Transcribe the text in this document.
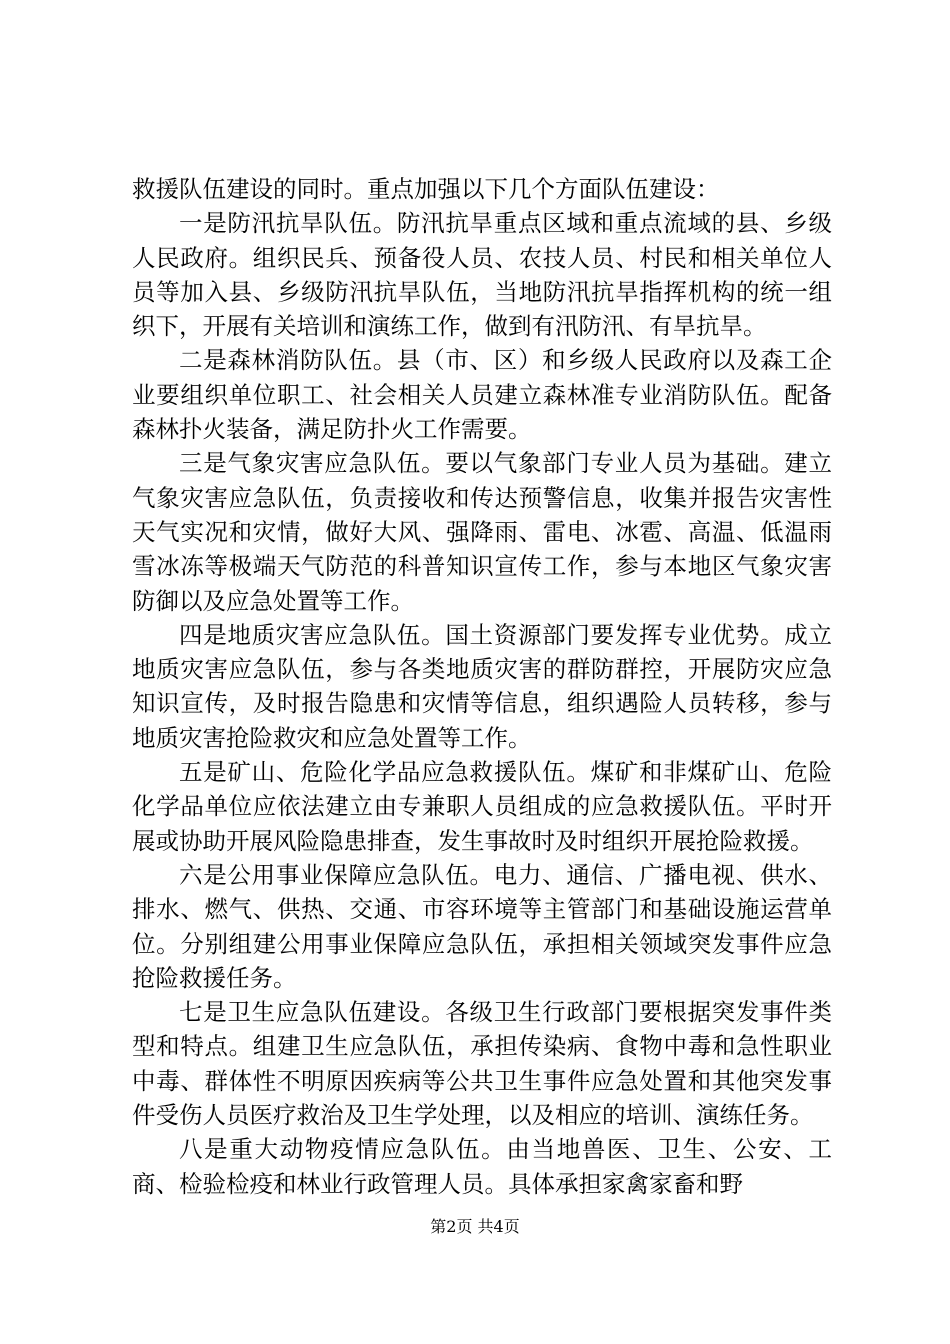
救援队伍建设的同时。重点加强以下几个方面队伍建设：

一是防汛抗旱队伍。防汛抗旱重点区域和重点流域的县、乡级人民政府。组织民兵、预备役人员、农技人员、村民和相关单位人员等加入县、乡级防汛抗旱队伍，当地防汛抗旱指挥机构的统一组织下，开展有关培训和演练工作，做到有汛防汛、有旱抗旱。

二是森林消防队伍。县（市、区）和乡级人民政府以及森工企业要组织单位职工、社会相关人员建立森林准专业消防队伍。配备森林扑火装备，满足防扑火工作需要。

三是气象灾害应急队伍。要以气象部门专业人员为基础。建立气象灾害应急队伍，负责接收和传达预警信息，收集并报告灾害性天气实况和灾情，做好大风、强降雨、雷电、冰雹、高温、低温雨雪冰冻等极端天气防范的科普知识宣传工作，参与本地区气象灾害防御以及应急处置等工作。

四是地质灾害应急队伍。国土资源部门要发挥专业优势。成立地质灾害应急队伍，参与各类地质灾害的群防群控，开展防灾应急知识宣传，及时报告隐患和灾情等信息，组织遇险人员转移，参与地质灾害抢险救灾和应急处置等工作。

五是矿山、危险化学品应急救援队伍。煤矿和非煤矿山、危险化学品单位应依法建立由专兼职人员组成的应急救援队伍。平时开展或协助开展风险隐患排查，发生事故时及时组织开展抢险救援。

六是公用事业保障应急队伍。电力、通信、广播电视、供水、排水、燃气、供热、交通、市容环境等主管部门和基础设施运营单位。分别组建公用事业保障应急队伍，承担相关领域突发事件应急抢险救援任务。

七是卫生应急队伍建设。各级卫生行政部门要根据突发事件类型和特点。组建卫生应急队伍，承担传染病、食物中毒和急性职业中毒、群体性不明原因疾病等公共卫生事件应急处置和其他突发事件受伤人员医疗救治及卫生学处理，以及相应的培训、演练任务。

八是重大动物疫情应急队伍。由当地兽医、卫生、公安、工商、检验检疫和林业行政管理人员。具体承担家禽家畜和野

第2页 共4页
